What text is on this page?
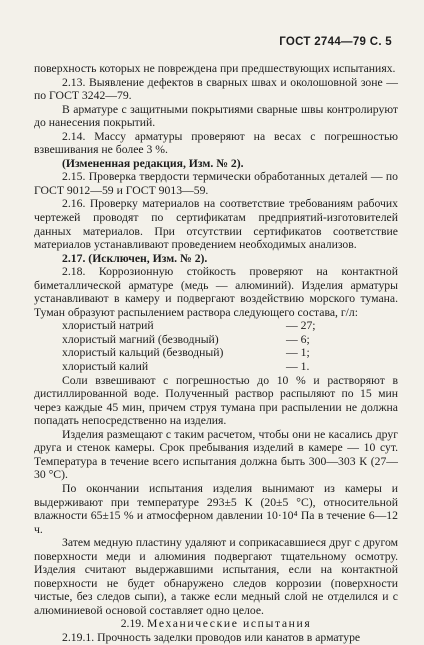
ГОСТ 2744—79 С. 5

поверхность которых не повреждена при предшествующих испытаниях.

2.13. Выявление дефектов в сварных швах и околошовной зоне — по ГОСТ 3242—79.

В арматуре с защитными покрытиями сварные швы контролируют до нанесения покрытий.

2.14. Массу арматуры проверяют на весах с погрешностью взвешивания не более 3 %.

(Измененная редакция, Изм. № 2).

2.15. Проверка твердости термически обработанных деталей — по ГОСТ 9012—59 и ГОСТ 9013—59.

2.16. Проверку материалов на соответствие требованиям рабочих чертежей проводят по сертификатам предприятий-изготовителей данных материалов. При отсутствии сертификатов соответствие материалов устанавливают проведением необходимых анализов.

2.17. (Исключен, Изм. № 2).

2.18. Коррозионную стойкость проверяют на контактной биметаллической арматуре (медь — алюминий). Изделия арматуры устанавливают в камеру и подвергают воздействию морского тумана. Туман образуют распылением раствора следующего состава, г/л:

хлористый натрий	— 27;
хлористый магний (безводный)	— 6;
хлористый кальций (безводный)	— 1;
хлористый калий	— 1.

Соли взвешивают с погрешностью до 10 % и растворяют в дистиллированной воде. Полученный раствор распыляют по 15 мин через каждые 45 мин, причем струя тумана при распылении не должна попадать непосредственно на изделия.

Изделия размещают с таким расчетом, чтобы они не касались друг друга и стенок камеры. Срок пребывания изделий в камере — 10 сут. Температура в течение всего испытания должна быть 300—303 К (27—30 °С).

По окончании испытания изделия вынимают из камеры и выдерживают при температуре 293±5 К (20±5 °С), относительной влажности 65±15 % и атмосферном давлении 10·10⁴ Па в течение 6—12 ч.

Затем медную пластину удаляют и соприкасавшиеся друг с другом поверхности меди и алюминия подвергают тщательному осмотру. Изделия считают выдержавшими испытания, если на контактной поверхности не будет обнаружено следов коррозии (поверхности чистые, без следов сыпи), а также если медный слой не отделился и с алюминиевой основой составляет одно целое.

2.19. Механические испытания

2.19.1. Прочность заделки проводов или канатов в арматуре
